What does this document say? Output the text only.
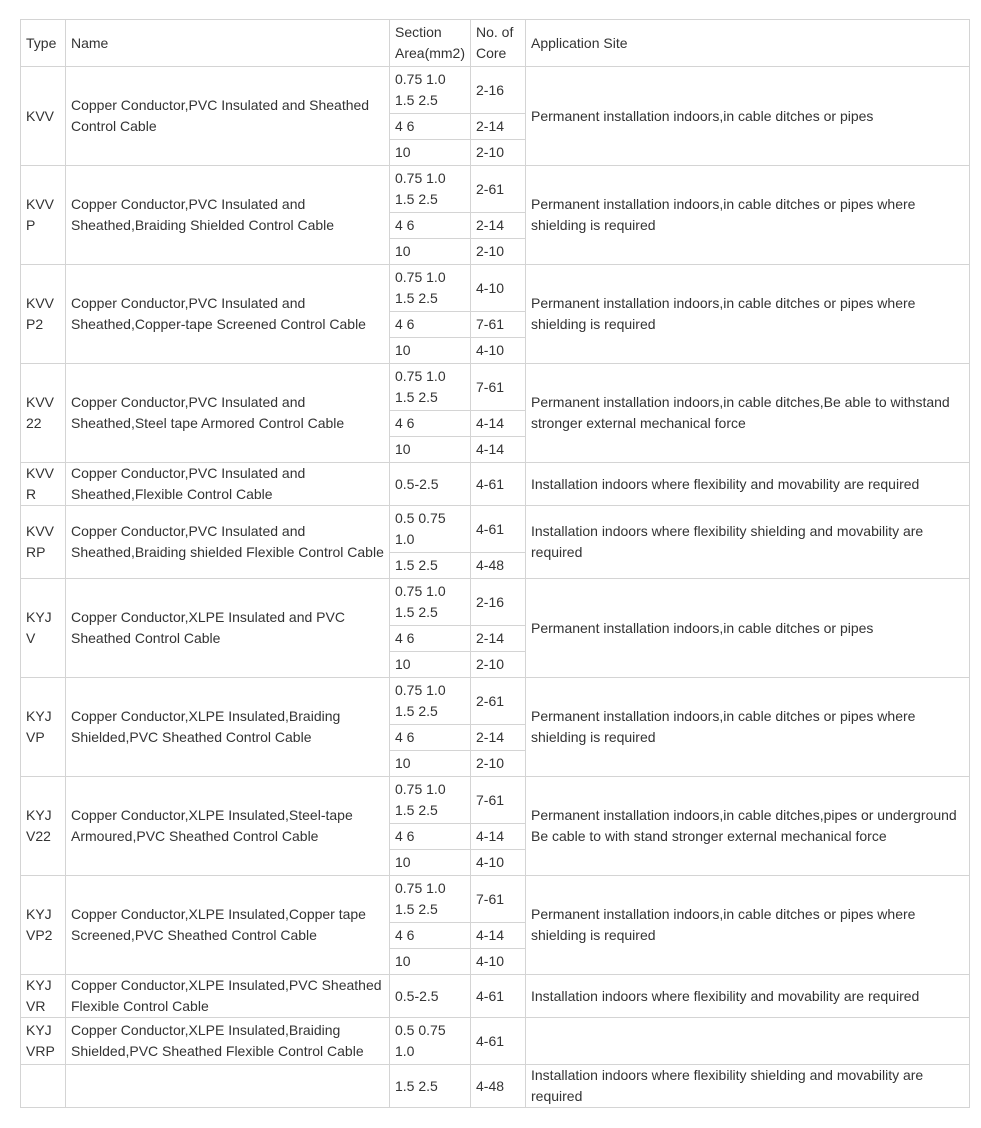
Type	Name	Section Area(mm2)	No. of Core	Application Site
KVV	Copper Conductor,PVC Insulated and Sheathed Control Cable	0.75 1.0 1.5 2.5	2-16	Permanent installation indoors,in cable ditches or pipes
		4 6	2-14	
		10	2-10	
KVVP	Copper Conductor,PVC Insulated and Sheathed,Braiding Shielded Control Cable	0.75 1.0 1.5 2.5	2-61	Permanent installation indoors,in cable ditches or pipes where shielding is required
		4 6	2-14	
		10	2-10	
KVVP2	Copper Conductor,PVC Insulated and Sheathed,Copper-tape Screened Control Cable	0.75 1.0 1.5 2.5	4-10	Permanent installation indoors,in cable ditches or pipes where shielding is required
		4 6	7-61	
		10	4-10	
KVV22	Copper Conductor,PVC Insulated and Sheathed,Steel tape Armored Control Cable	0.75 1.0 1.5 2.5	7-61	Permanent installation indoors,in cable ditches,Be able to withstand stronger external mechanical force
		4 6	4-14	
		10	4-14	
KVVR	Copper Conductor,PVC Insulated and Sheathed,Flexible Control Cable	0.5-2.5	4-61	Installation indoors where flexibility and movability are required
KVVRP	Copper Conductor,PVC Insulated and Sheathed,Braiding shielded Flexible Control Cable	0.5 0.75 1.0	4-61	Installation indoors where flexibility shielding and movability are required
		1.5 2.5	4-48	
KYJV	Copper Conductor,XLPE Insulated and PVC Sheathed Control Cable	0.75 1.0 1.5 2.5	2-16	Permanent installation indoors,in cable ditches or pipes
		4 6	2-14	
		10	2-10	
KYJVP	Copper Conductor,XLPE Insulated,Braiding Shielded,PVC Sheathed Control Cable	0.75 1.0 1.5 2.5	2-61	Permanent installation indoors,in cable ditches or pipes where shielding is required
		4 6	2-14	
		10	2-10	
KYJV22	Copper Conductor,XLPE Insulated,Steel-tape Armoured,PVC Sheathed Control Cable	0.75 1.0 1.5 2.5	7-61	Permanent installation indoors,in cable ditches,pipes or underground Be cable to with stand stronger external mechanical force
		4 6	4-14	
		10	4-10	
KYJVP2	Copper Conductor,XLPE Insulated,Copper tape Screened,PVC Sheathed Control Cable	0.75 1.0 1.5 2.5	7-61	Permanent installation indoors,in cable ditches or pipes where shielding is required
		4 6	4-14	
		10	4-10	
KYJVR	Copper Conductor,XLPE Insulated,PVC Sheathed Flexible Control Cable	0.5-2.5	4-61	Installation indoors where flexibility and movability are required
KYJVRP	Copper Conductor,XLPE Insulated,Braiding Shielded,PVC Sheathed Flexible Control Cable	0.5 0.75 1.0	4-61	
		1.5 2.5	4-48	Installation indoors where flexibility shielding and movability are required
